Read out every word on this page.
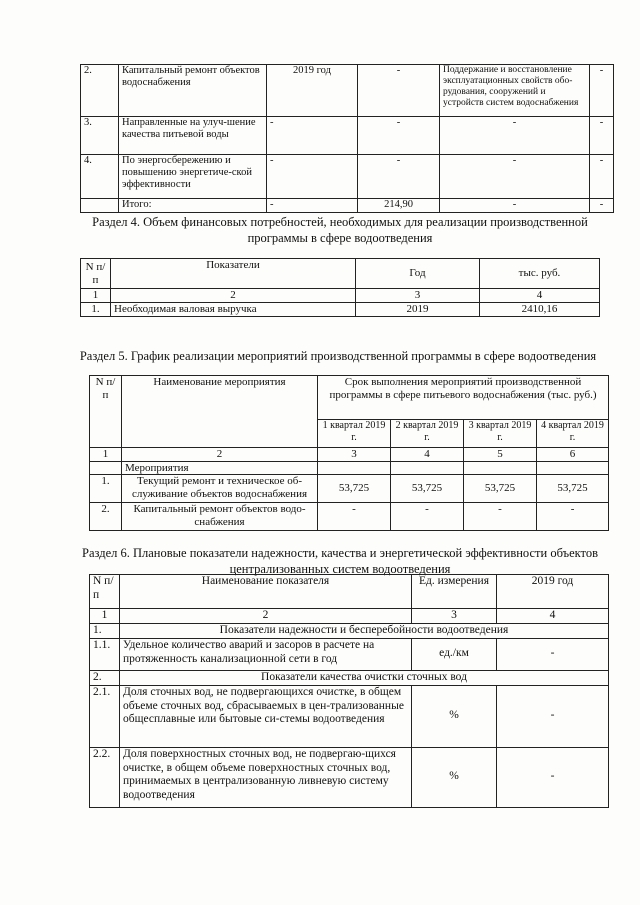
2.	Капитальный ремонт объектов водоснабжения	2019 год	-	Поддержание и восстановление эксплуатационных свойств обо-рудования, сооружений и устройств систем водоснабжения	-
3.	Направленные на улуч-шение качества питьевой воды	-	-	-	-
4.	По энергосбережению и повышению энергетиче-ской эффективности	-	-	-	-
	Итого:	-	214,90	-	-
Раздел 4. Объем финансовых потребностей, необходимых для реализации производственной программы в сфере водоотведения
N п/п	Показатели	Год	тыс. руб.
1	2	3	4
1.	Необходимая валовая выручка	2019	2410,16
Раздел 5. График реализации мероприятий производственной программы в сфере водоотведения
N п/п	Наименование мероприятия	Срок выполнения мероприятий производственной программы в сфере питьевого водоснабжения (тыс. руб.)			
		1 квартал 2019 г.	2 квартал 2019 г.	3 квартал 2019 г.	4 квартал 2019 г.
1	2	3	4	5	6
	Мероприятия				
1.	Текущий ремонт и техническое об-служивание объектов водоснабжения	53,725	53,725	53,725	53,725
2.	Капитальный ремонт объектов водо-снабжения	-	-	-	-
Раздел 6. Плановые показатели надежности, качества и энергетической эффективности объектов централизованных систем водоотведения
N п/п	Наименование показателя	Ед. измерения	2019 год
1	2	3	4
1.	Показатели надежности и бесперебойности водоотведения		
1.1.	Удельное количество аварий и засоров в расчете на протяженность канализационной сети в год	ед./км	-
2.	Показатели качества очистки сточных вод		
2.1.	Доля сточных вод, не подвергающихся очистке, в общем объеме сточных вод, сбрасываемых в цен-трализованные общесплавные или бытовые си-стемы водоотведения	%	-
2.2.	Доля поверхностных сточных вод, не подвергаю-щихся очистке, в общем объеме поверхностных сточных вод, принимаемых в централизованную ливневую систему водоотведения	%	-
